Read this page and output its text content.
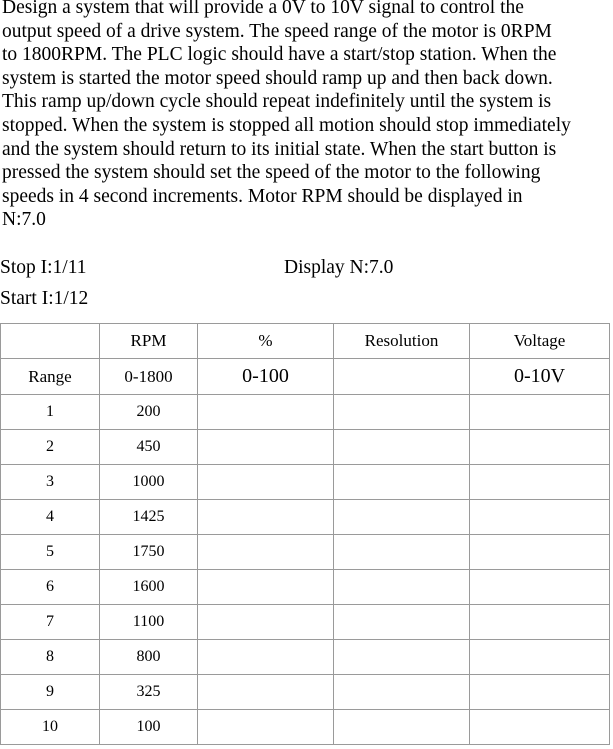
Design a system that will provide a 0V to 10V signal to control the
output speed of a drive system. The speed range of the motor is 0RPM
to 1800RPM. The PLC logic should have a start/stop station. When the
system is started the motor speed should ramp up and then back down.
This ramp up/down cycle should repeat indefinitely until the system is
stopped. When the system is stopped all motion should stop immediately
and the system should return to its initial state. When the start button is
pressed the system should set the speed of the motor to the following
speeds in 4 second increments. Motor RPM should be displayed in
N:7.0
Stop I:1/11
Start I:1/12
Display N:7.0
	RPM	%	Resolution	Voltage
Range	0-1800	0-100		0-10V
1	200			
2	450			
3	1000			
4	1425			
5	1750			
6	1600			
7	1100			
8	800			
9	325			
10	100			
